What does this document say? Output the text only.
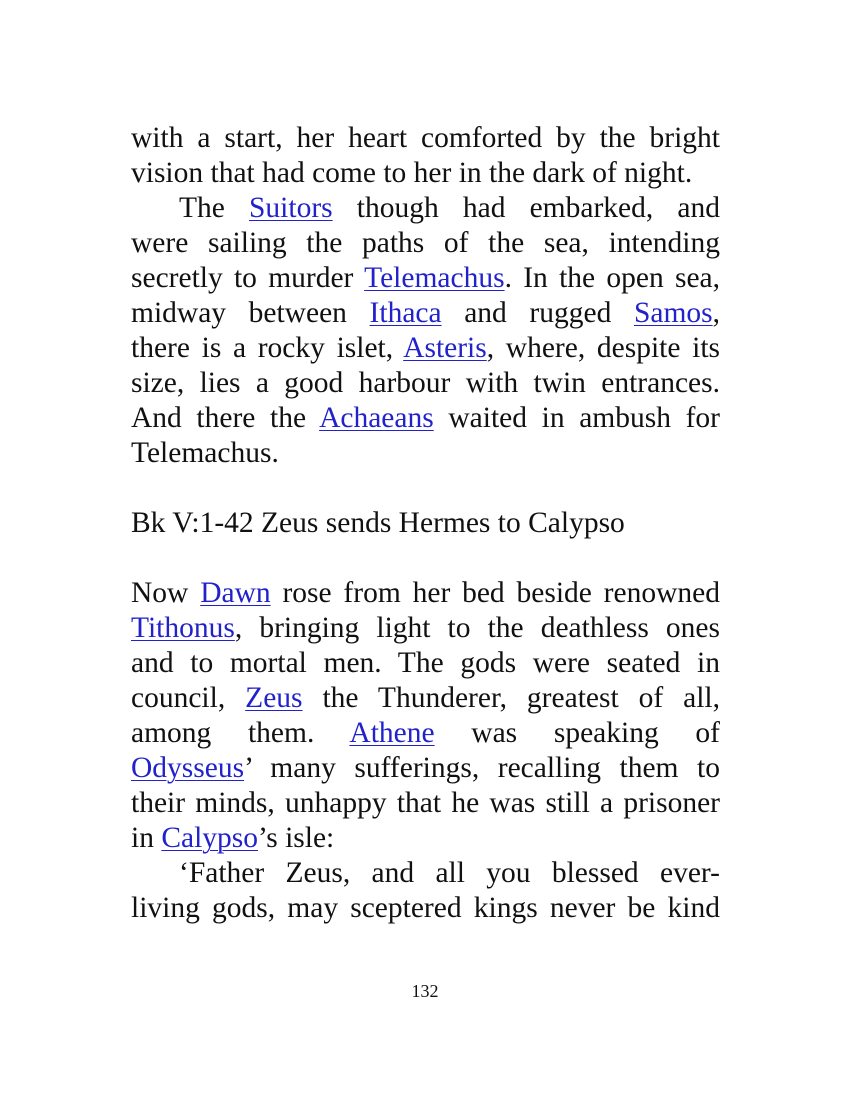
with a start, her heart comforted by the bright
vision that had come to her in the dark of night.
The Suitors though had embarked, and
were sailing the paths of the sea, intending
secretly to murder Telemachus. In the open sea,
midway between Ithaca and rugged Samos,
there is a rocky islet, Asteris, where, despite its
size, lies a good harbour with twin entrances.
And there the Achaeans waited in ambush for
Telemachus.
Bk V:1-42 Zeus sends Hermes to Calypso
Now Dawn rose from her bed beside renowned
Tithonus, bringing light to the deathless ones
and to mortal men. The gods were seated in
council, Zeus the Thunderer, greatest of all,
among them. Athene was speaking of
Odysseus’ many sufferings, recalling them to
their minds, unhappy that he was still a prisoner
in Calypso’s isle:
‘Father Zeus, and all you blessed ever-
living gods, may sceptered kings never be kind
132
